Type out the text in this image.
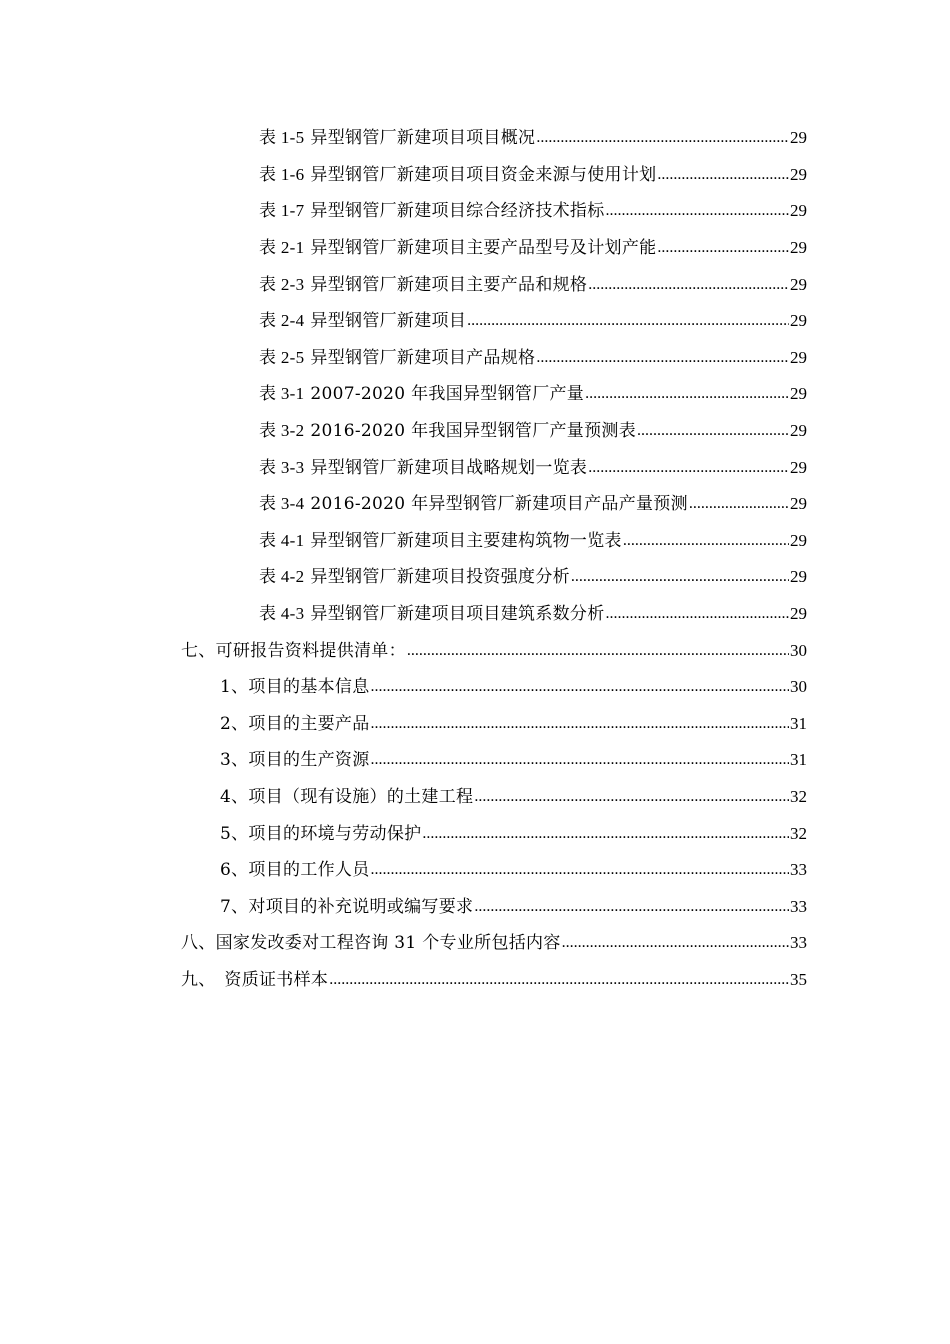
表 1-5 异型钢管厂新建项目项目概况 .....	29
表 1-6 异型钢管厂新建项目项目资金来源与使用计划 .....	29
表 1-7 异型钢管厂新建项目综合经济技术指标 .....	29
表 2-1 异型钢管厂新建项目主要产品型号及计划产能 .....	29
表 2-3 异型钢管厂新建项目主要产品和规格 .....	29
表 2-4 异型钢管厂新建项目 .....	29
表 2-5 异型钢管厂新建项目产品规格 .....	29
表 3-1 2007-2020 年我国异型钢管厂产量 .....	29
表 3-2 2016-2020 年我国异型钢管厂产量预测表 .....	29
表 3-3 异型钢管厂新建项目战略规划一览表 .....	29
表 3-4 2016-2020 年异型钢管厂新建项目产品产量预测 .....	29
表 4-1 异型钢管厂新建项目主要建构筑物一览表 .....	29
表 4-2 异型钢管厂新建项目投资强度分析 .....	29
表 4-3 异型钢管厂新建项目项目建筑系数分析 .....	29
七、可研报告资料提供清单： .....	30
1、项目的基本信息 .....	30
2、项目的主要产品 .....	31
3、项目的生产资源 .....	31
4、项目（现有设施）的土建工程 .....	32
5、项目的环境与劳动保护 .....	32
6、项目的工作人员 .....	33
7、对项目的补充说明或编写要求 .....	33
八、国家发改委对工程咨询 31 个专业所包括内容 .....	33
九、　资质证书样本 .....	35
